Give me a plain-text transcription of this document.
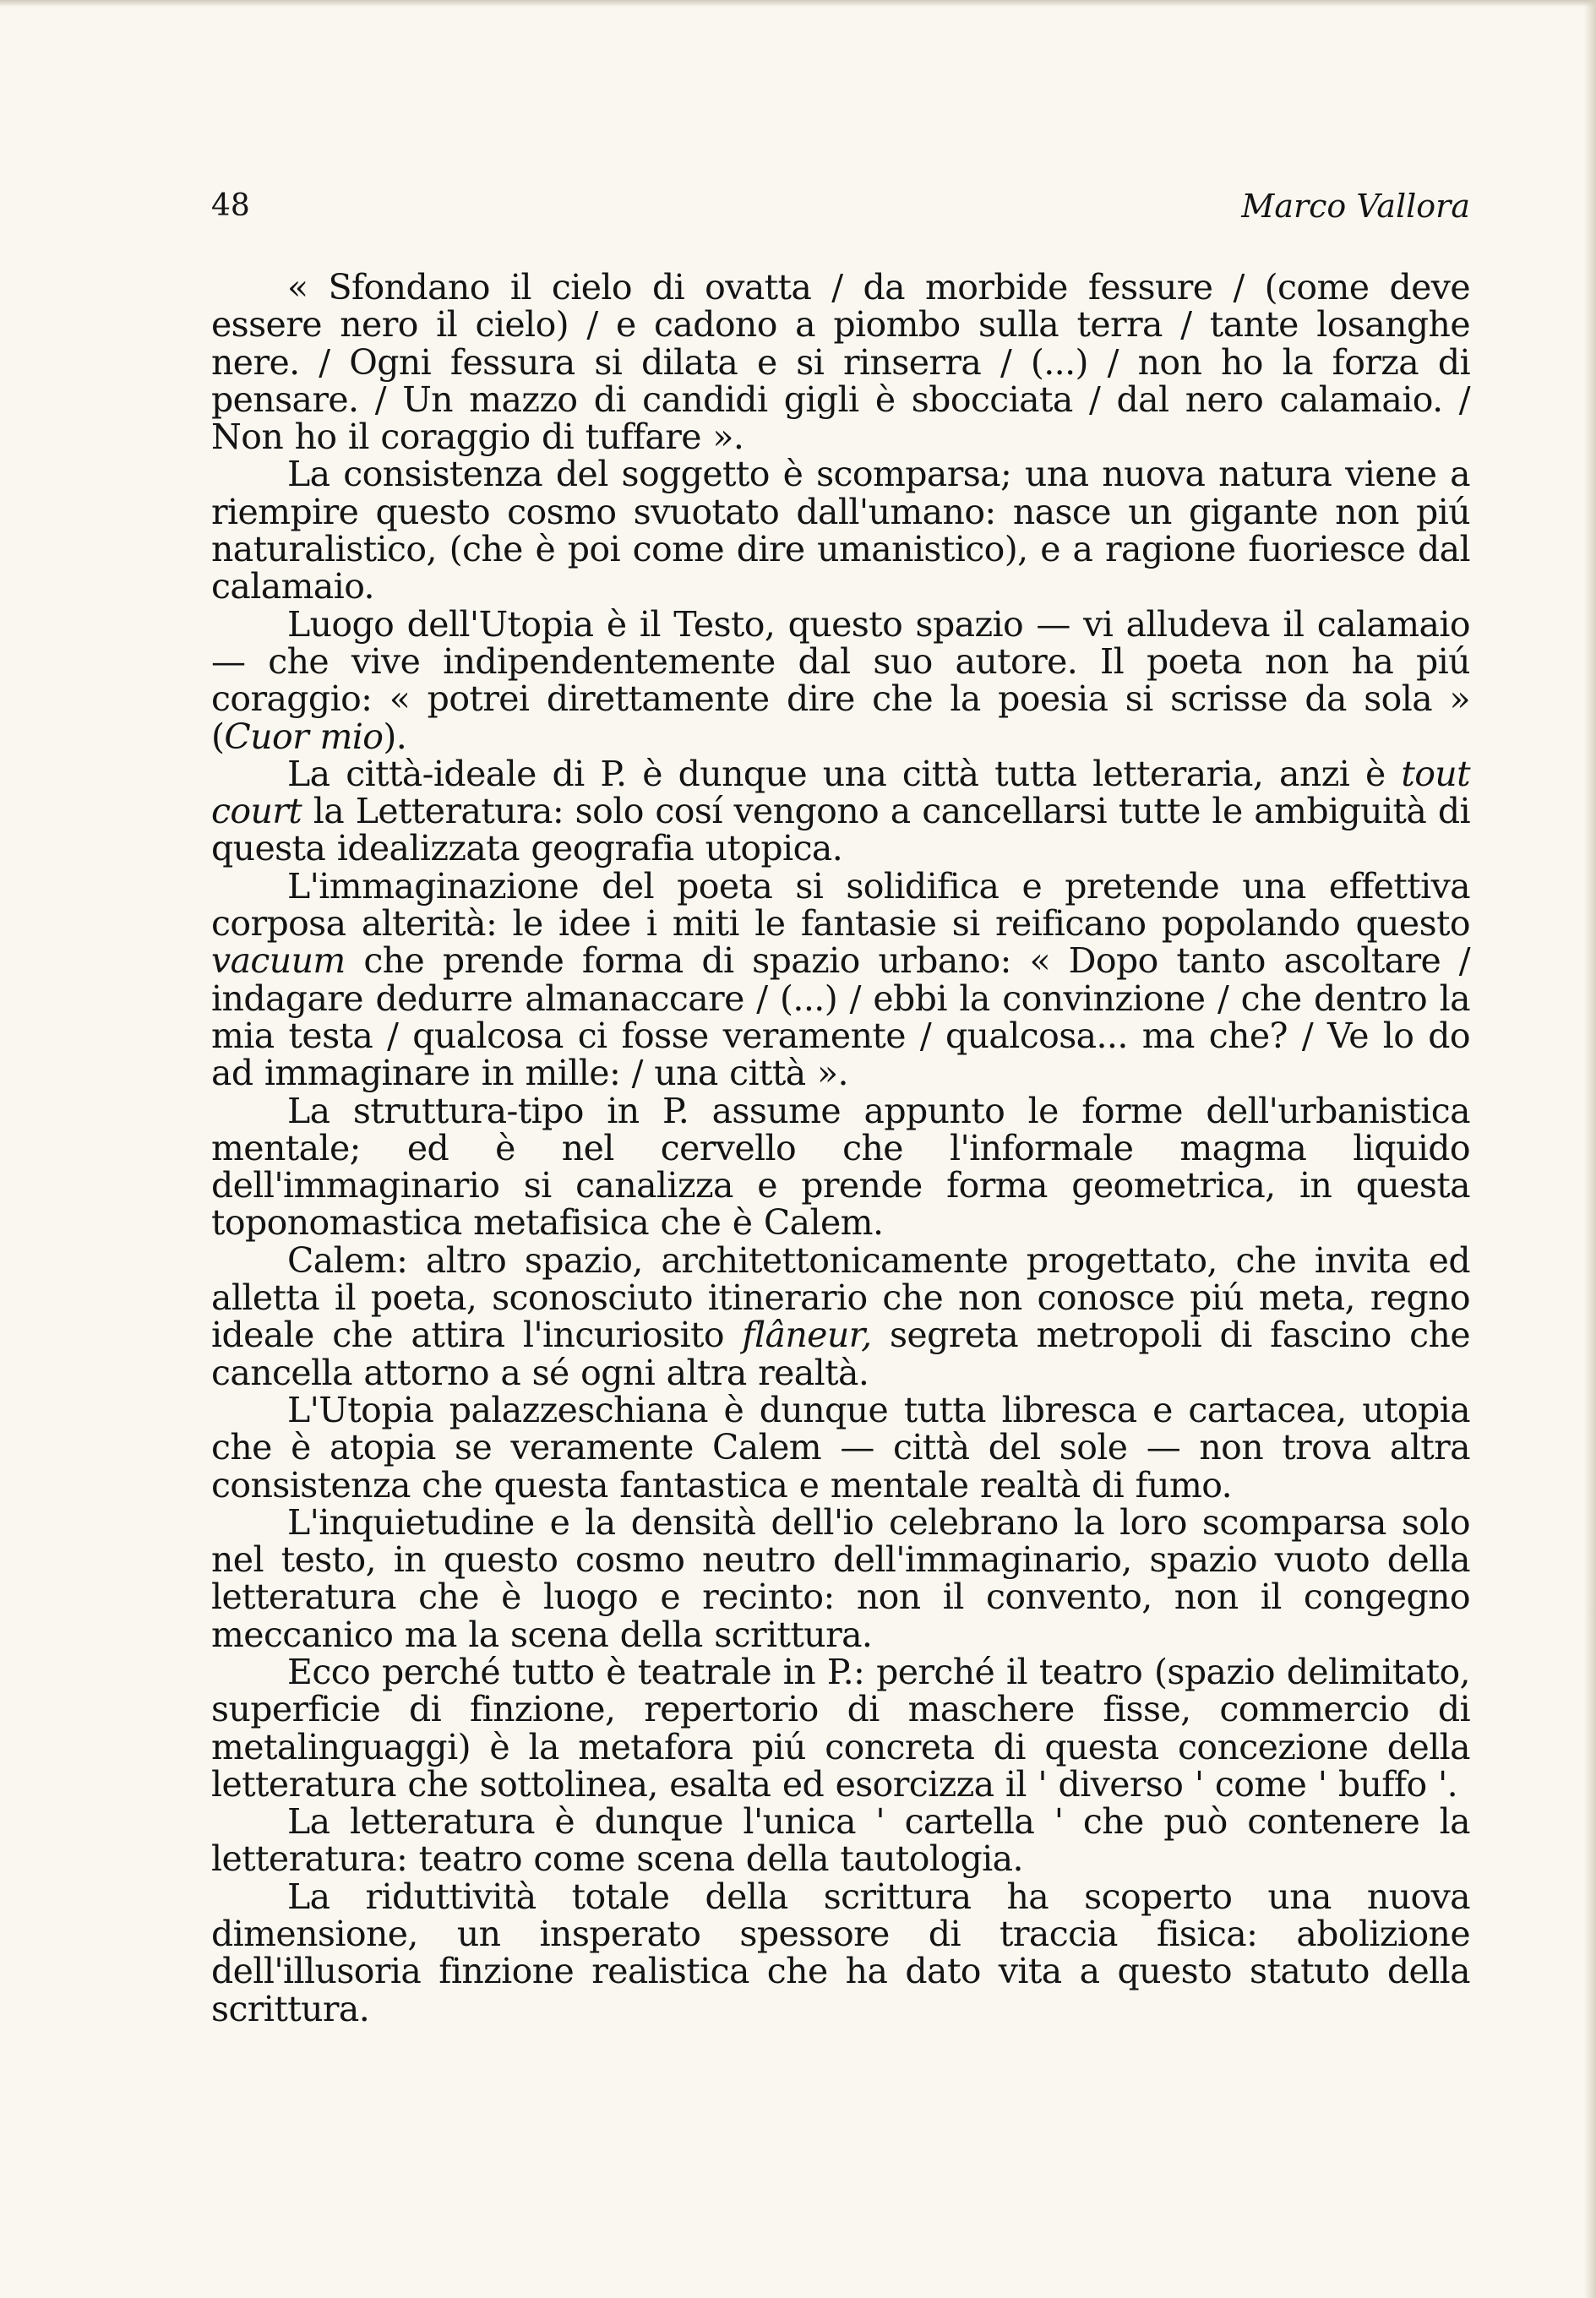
48	Marco Vallora

« Sfondano il cielo di ovatta / da morbide fessure / (come deve essere nero il cielo) / e cadono a piombo sulla terra / tante losanghe nere. / Ogni fessura si dilata e si rinserra / (...) / non ho la forza di pensare. / Un mazzo di candidi gigli è sbocciata / dal nero calamaio. / Non ho il coraggio di tuffare ».

La consistenza del soggetto è scomparsa; una nuova natura viene a riempire questo cosmo svuotato dall'umano: nasce un gigante non piú naturalistico, (che è poi come dire umanistico), e a ragione fuoriesce dal calamaio.

Luogo dell'Utopia è il Testo, questo spazio — vi alludeva il calamaio — che vive indipendentemente dal suo autore. Il poeta non ha piú coraggio: « potrei direttamente dire che la poesia si scrisse da sola » (Cuor mio).

La città-ideale di P. è dunque una città tutta letteraria, anzi è tout court la Letteratura: solo cosí vengono a cancellarsi tutte le ambiguità di questa idealizzata geografia utopica.

L'immaginazione del poeta si solidifica e pretende una effettiva corposa alterità: le idee i miti le fantasie si reificano popolando questo vacuum che prende forma di spazio urbano: « Dopo tanto ascoltare / indagare dedurre almanaccare / (...) / ebbi la convinzione / che dentro la mia testa / qualcosa ci fosse veramente / qualcosa... ma che? / Ve lo do ad immaginare in mille: / una città ».

La struttura-tipo in P. assume appunto le forme dell'urbanistica mentale; ed è nel cervello che l'informale magma liquido dell'immaginario si canalizza e prende forma geometrica, in questa toponomastica metafisica che è Calem.

Calem: altro spazio, architettonicamente progettato, che invita ed alletta il poeta, sconosciuto itinerario che non conosce piú meta, regno ideale che attira l'incuriosito flâneur, segreta metropoli di fascino che cancella attorno a sé ogni altra realtà.

L'Utopia palazzeschiana è dunque tutta libresca e cartacea, utopia che è atopia se veramente Calem — città del sole — non trova altra consistenza che questa fantastica e mentale realtà di fumo.

L'inquietudine e la densità dell'io celebrano la loro scomparsa solo nel testo, in questo cosmo neutro dell'immaginario, spazio vuoto della letteratura che è luogo e recinto: non il convento, non il congegno meccanico ma la scena della scrittura.

Ecco perché tutto è teatrale in P.: perché il teatro (spazio delimitato, superficie di finzione, repertorio di maschere fisse, commercio di metalinguaggi) è la metafora piú concreta di questa concezione della letteratura che sottolinea, esalta ed esorcizza il ' diverso ' come ' buffo '.

La letteratura è dunque l'unica ' cartella ' che può contenere la letteratura: teatro come scena della tautologia.

La riduttività totale della scrittura ha scoperto una nuova dimensione, un insperato spessore di traccia fisica: abolizione dell'illusoria finzione realistica che ha dato vita a questo statuto della scrittura.
